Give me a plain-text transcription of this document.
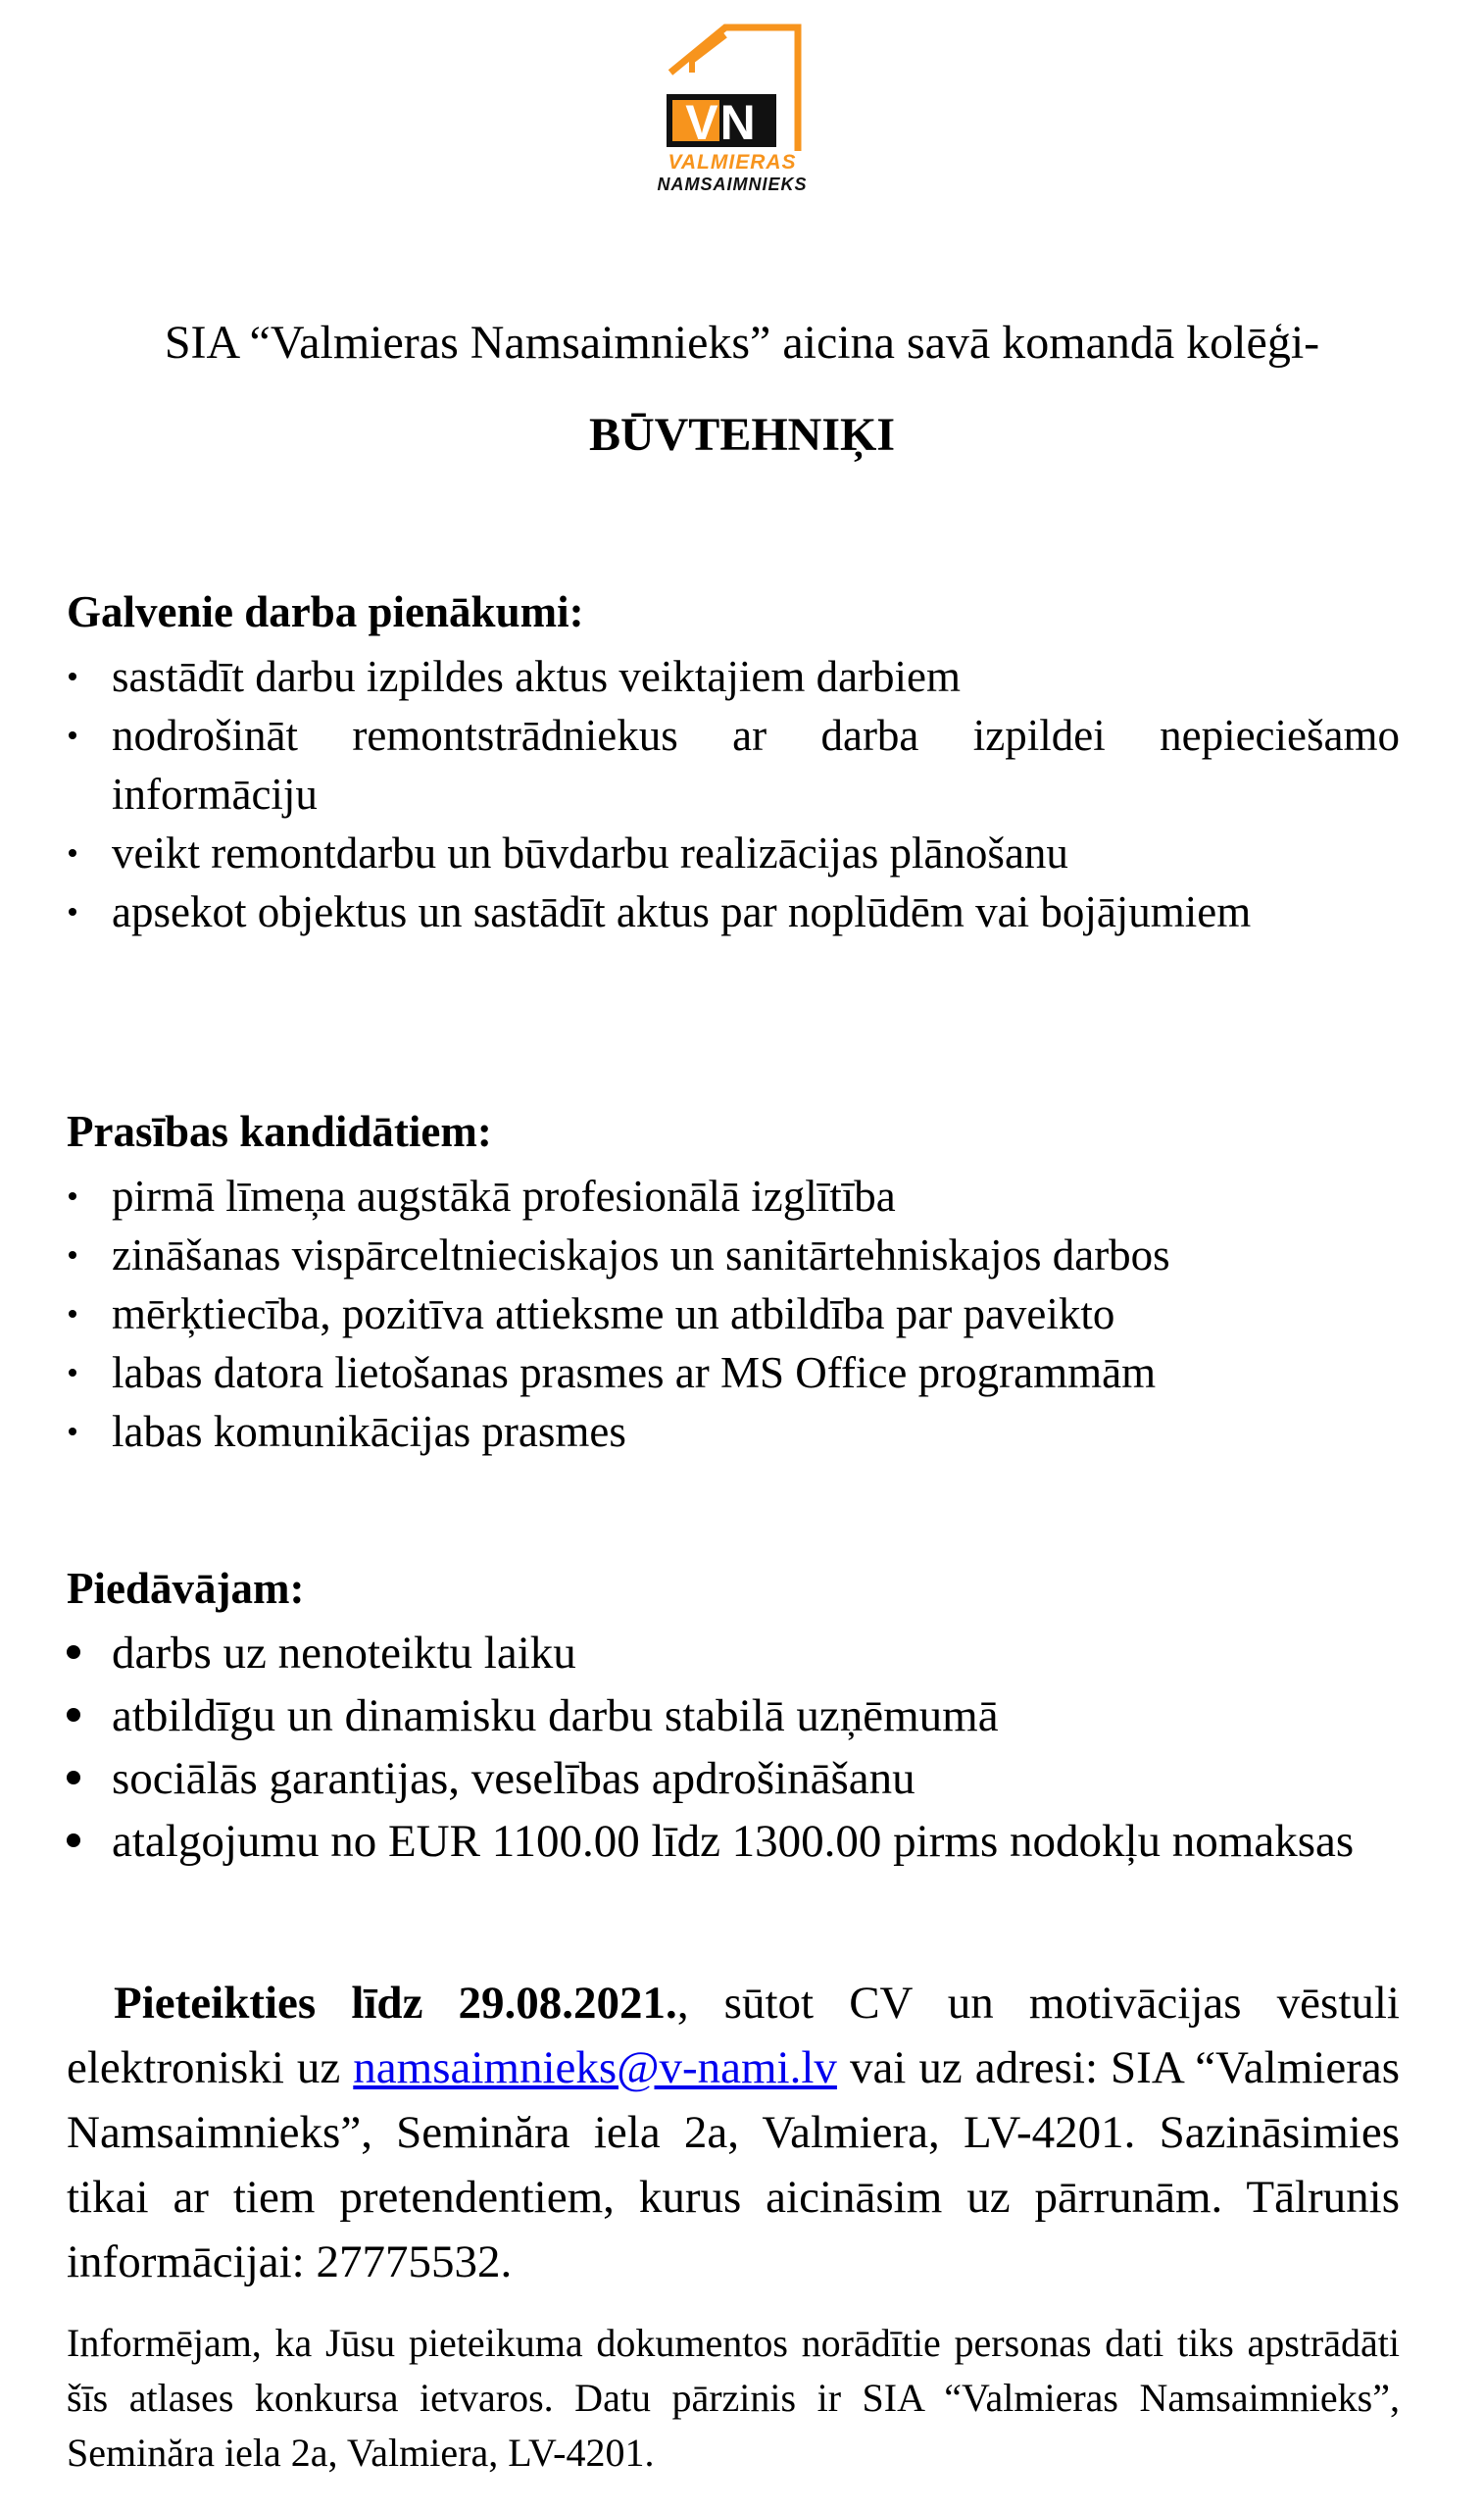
VN
VALMIERAS
NAMSAIMNIEKS
SIA “Valmieras Namsaimnieks” aicina savā komandā kolēģi-
BŪVTEHNIĶI

Galvenie darba pienākumi:

sastādīt darbu izpildes aktus veiktajiem darbiem
nodrošināt remontstrādniekus ar darba izpildei nepieciešamo informāciju
veikt remontdarbu un būvdarbu realizācijas plānošanu
apsekot objektus un sastādīt aktus par noplūdēm vai bojājumiem

Prasības kandidātiem:

pirmā līmeņa augstākā profesionālā izglītība
zināšanas vispārceltnieciskajos un sanitārtehniskajos darbos
mērķtiecība, pozitīva attieksme un atbildība par paveikto
labas datora lietošanas prasmes ar MS Office programmām
labas komunikācijas prasmes

Piedāvājam:

darbs uz nenoteiktu laiku
atbildīgu un dinamisku darbu stabilā uzņēmumā
sociālās garantijas, veselības apdrošināšanu
atalgojumu no EUR 1100.00 līdz 1300.00 pirms nodokļu nomaksas
Pieteikties līdz 29.08.2021., sūtot CV un motivācijas vēstuli elektroniski uz namsaimnieks@v-nami.lv vai uz adresi: SIA “Valmieras Namsaimnieks”, Seminăra iela 2a, Valmiera, LV-4201. Sazināsimies tikai ar tiem pretendentiem, kurus aicināsim uz pārrunām. Tālrunis informācijai: 27775532.
Informējam, ka Jūsu pieteikuma dokumentos norādītie personas dati tiks apstrādāti šīs atlases konkursa ietvaros. Datu pārzinis ir SIA “Valmieras Namsaimnieks”, Seminăra iela 2a, Valmiera, LV-4201.
